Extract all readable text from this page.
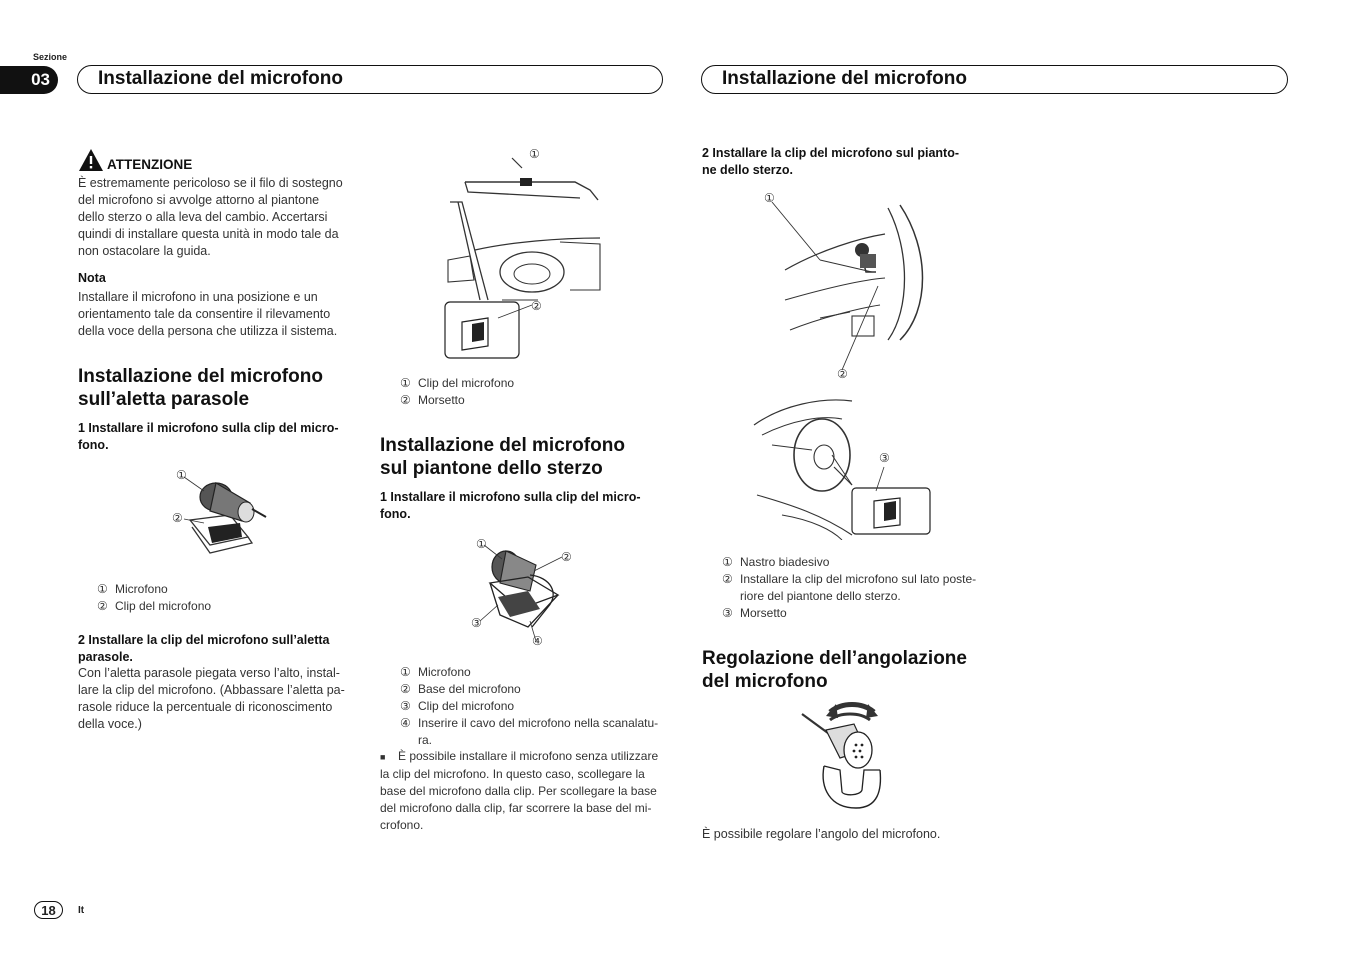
Sezione
03	Installazione del microfono	Installazione del microfono
ATTENZIONE
È estremamente pericoloso se il filo di sostegno
del microfono si avvolge attorno al piantone
dello sterzo o alla leva del cambio. Accertarsi
quindi di installare questa unità in modo tale da
non ostacolare la guida.
Nota
Installare il microfono in una posizione e un
orientamento tale da consentire il rilevamento
della voce della persona che utilizza il sistema.
Installazione del microfono
sull’aletta parasole
1 Installare il microfono sulla clip del micro-
fono.
①
②
① Microfono
② Clip del microfono
2 Installare la clip del microfono sull’aletta
parasole.
Con l’aletta parasole piegata verso l’alto, instal-
lare la clip del microfono. (Abbassare l’aletta pa-
rasole riduce la percentuale di riconoscimento
della voce.)
①
②
① Clip del microfono
② Morsetto
Installazione del microfono
sul piantone dello sterzo
1 Installare il microfono sulla clip del micro-
fono.
①
②
③
④
① Microfono
② Base del microfono
③ Clip del microfono
④ Inserire il cavo del microfono nella scanalatu-
ra.
■ È possibile installare il microfono senza utilizzare
la clip del microfono. In questo caso, scollegare la
base del microfono dalla clip. Per scollegare la base
del microfono dalla clip, far scorrere la base del mi-
crofono.
2 Installare la clip del microfono sul pianto-
ne dello sterzo.
①
②
③
① Nastro biadesivo
② Installare la clip del microfono sul lato poste-
riore del piantone dello sterzo.
③ Morsetto
Regolazione dell’angolazione
del microfono
È possibile regolare l’angolo del microfono.
18	It
